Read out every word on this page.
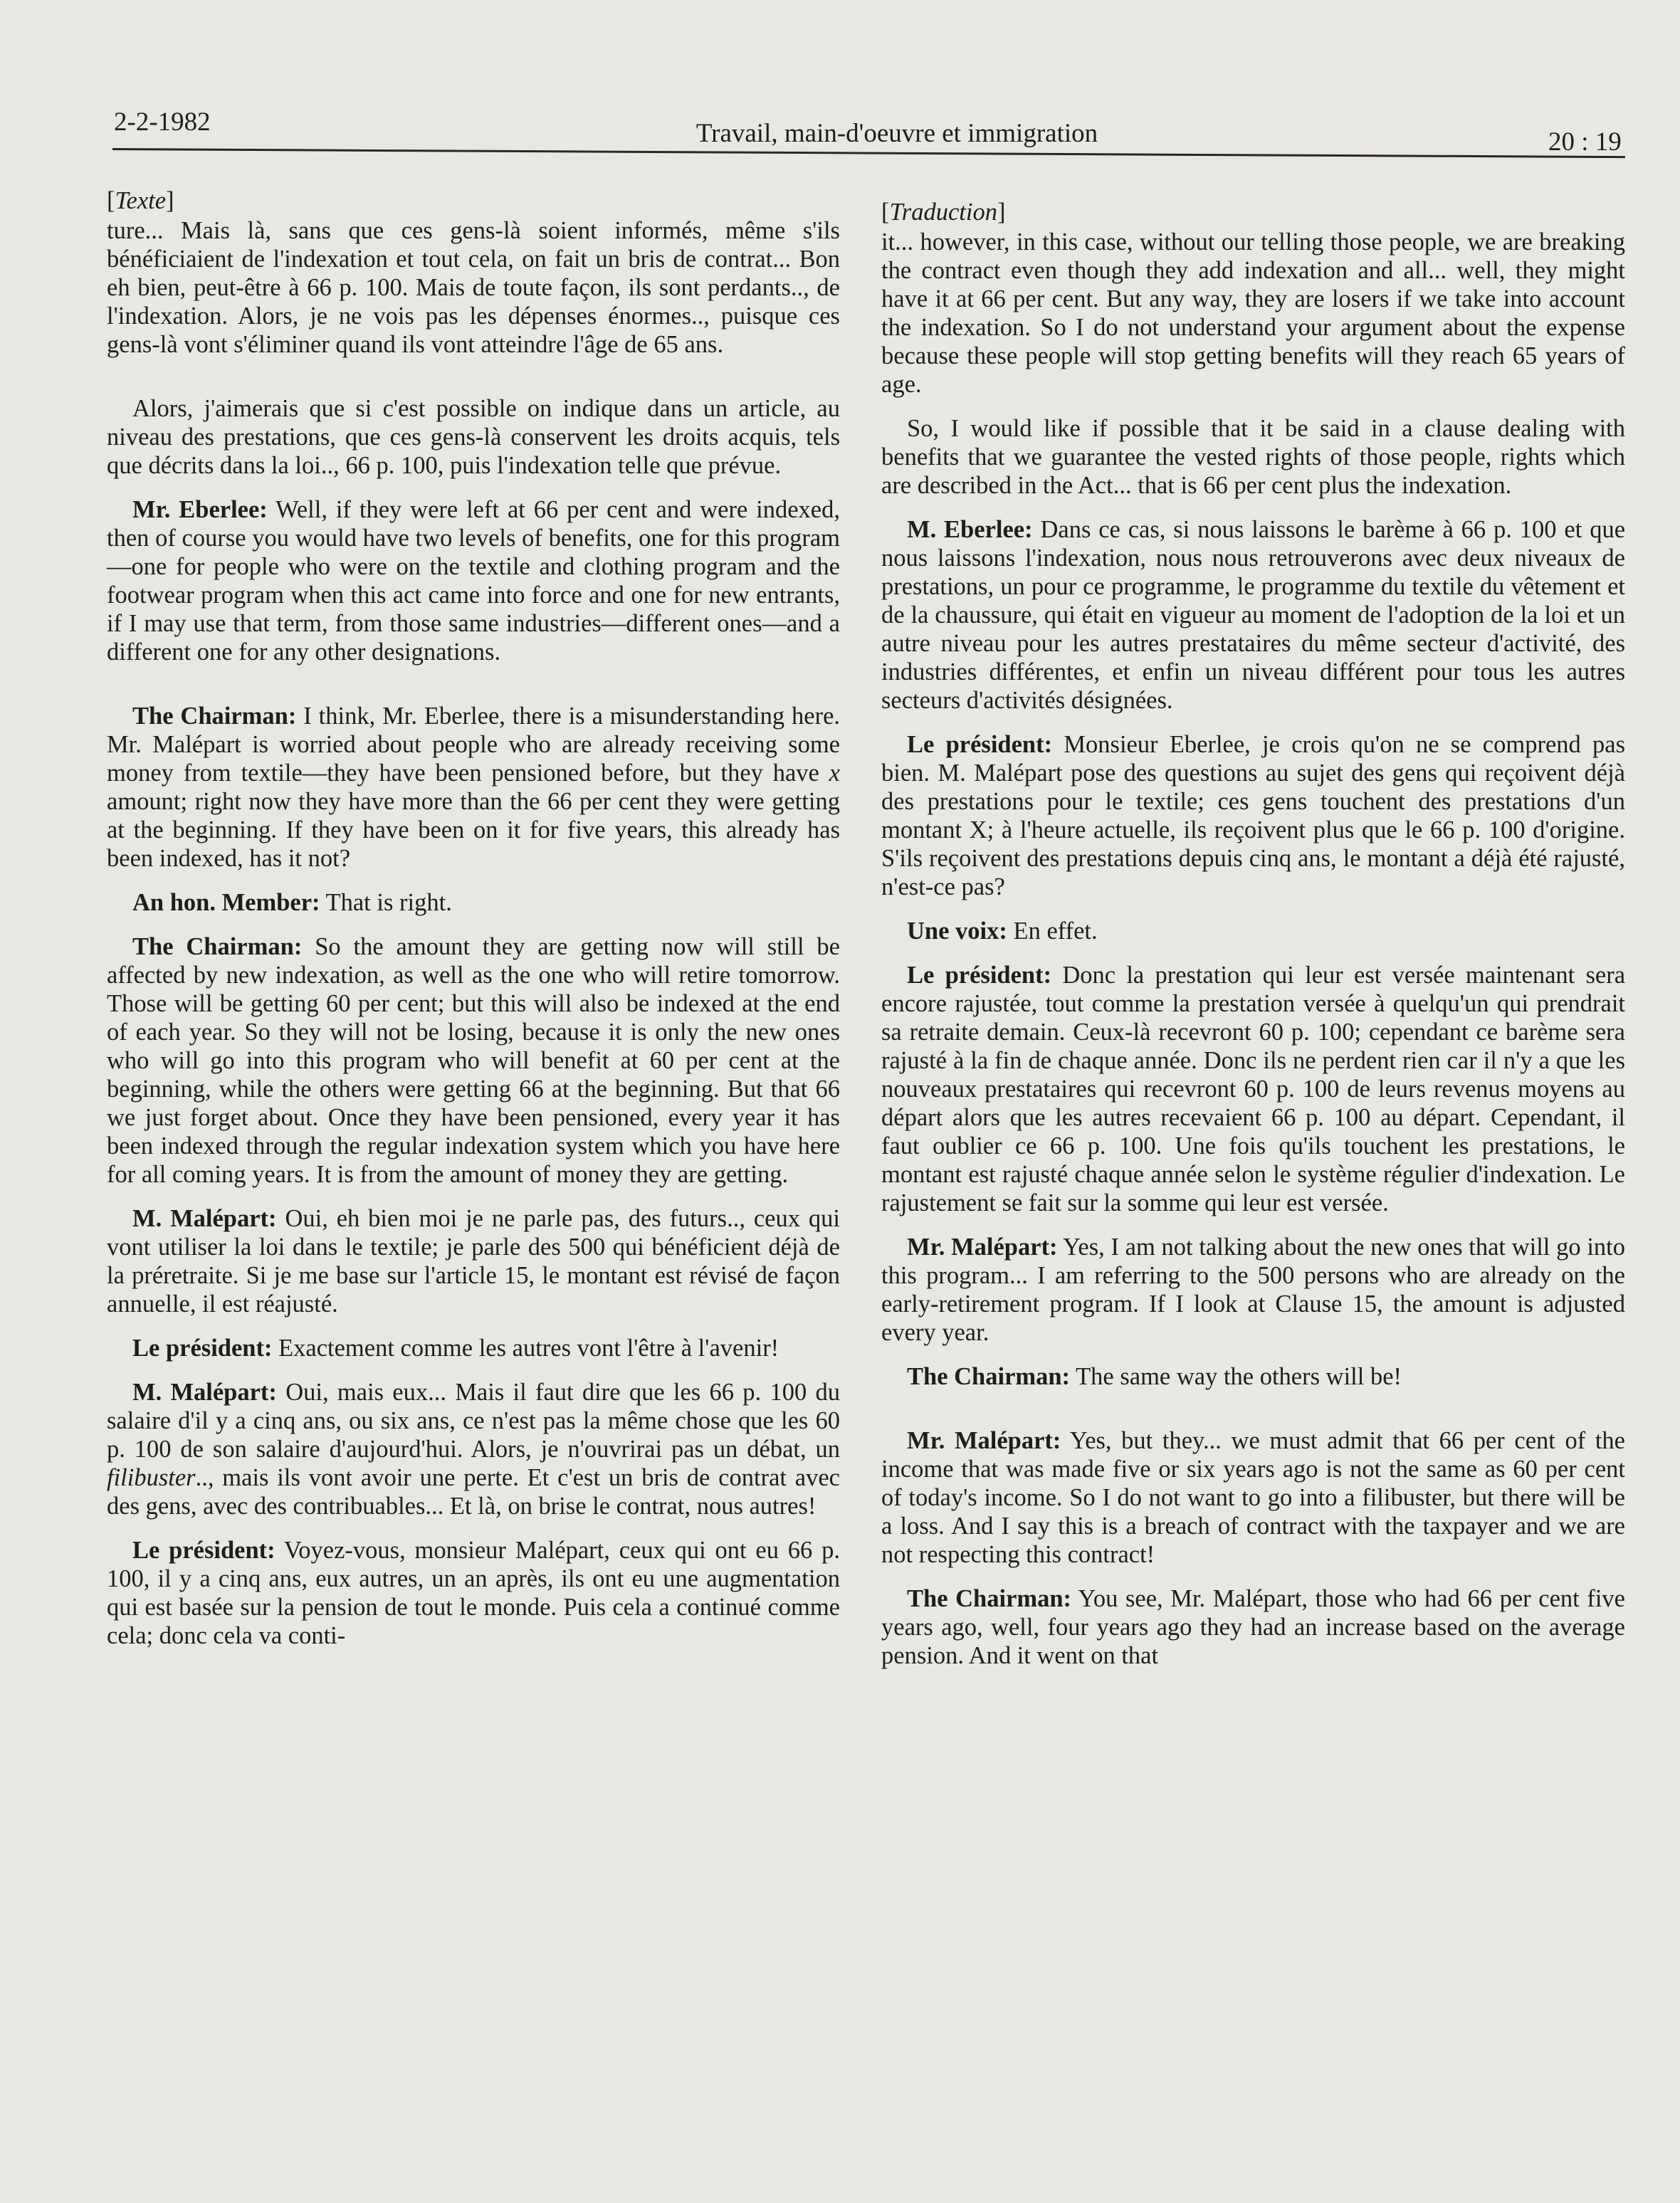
2-2-1982	Travail, main-d'oeuvre et immigration	20 : 19
[ Texte ]

ture... Mais là, sans que ces gens-là soient informés, même s'ils bénéficiaient de l'indexation et tout cela, on fait un bris de contrat... Bon eh bien, peut-être à 66 p. 100. Mais de toute façon, ils sont perdants.., de l'indexation. Alors, je ne vois pas les dépenses énormes.., puisque ces gens-là vont s'éliminer quand ils vont atteindre l'âge de 65 ans.

Alors, j'aimerais que si c'est possible on indique dans un article, au niveau des prestations, que ces gens-là conservent les droits acquis, tels que décrits dans la loi.., 66 p. 100, puis l'indexation telle que prévue.

Mr. Eberlee: Well, if they were left at 66 per cent and were indexed, then of course you would have two levels of benefits, one for this program—one for people who were on the textile and clothing program and the footwear program when this act came into force and one for new entrants, if I may use that term, from those same industries—different ones—and a different one for any other designations.

The Chairman: I think, Mr. Eberlee, there is a misunderstanding here. Mr. Malépart is worried about people who are already receiving some money from textile—they have been pensioned before, but they have x amount; right now they have more than the 66 per cent they were getting at the beginning. If they have been on it for five years, this already has been indexed, has it not?

An hon. Member: That is right.

The Chairman: So the amount they are getting now will still be affected by new indexation, as well as the one who will retire tomorrow. Those will be getting 60 per cent; but this will also be indexed at the end of each year. So they will not be losing, because it is only the new ones who will go into this program who will benefit at 60 per cent at the beginning, while the others were getting 66 at the beginning. But that 66 we just forget about. Once they have been pensioned, every year it has been indexed through the regular indexation system which you have here for all coming years. It is from the amount of money they are getting.

M. Malépart: Oui, eh bien moi je ne parle pas, des futurs.., ceux qui vont utiliser la loi dans le textile; je parle des 500 qui bénéficient déjà de la préretraite. Si je me base sur l'article 15, le montant est révisé de façon annuelle, il est réajusté.

Le président: Exactement comme les autres vont l'être à l'avenir!

M. Malépart: Oui, mais eux... Mais il faut dire que les 66 p. 100 du salaire d'il y a cinq ans, ou six ans, ce n'est pas la même chose que les 60 p. 100 de son salaire d'aujourd'hui. Alors, je n'ouvrirai pas un débat, un filibuster.., mais ils vont avoir une perte. Et c'est un bris de contrat avec des gens, avec des contribuables... Et là, on brise le contrat, nous autres!

Le président: Voyez-vous, monsieur Malépart, ceux qui ont eu 66 p. 100, il y a cinq ans, eux autres, un an après, ils ont eu une augmentation qui est basée sur la pension de tout le monde. Puis cela a continué comme cela; donc cela va conti-

[ Traduction ]

it... however, in this case, without our telling those people, we are breaking the contract even though they add indexation and all... well, they might have it at 66 per cent. But any way, they are losers if we take into account the indexation. So I do not understand your argument about the expense because these people will stop getting benefits will they reach 65 years of age.

So, I would like if possible that it be said in a clause dealing with benefits that we guarantee the vested rights of those people, rights which are described in the Act... that is 66 per cent plus the indexation.

M. Eberlee: Dans ce cas, si nous laissons le barème à 66 p. 100 et que nous laissons l'indexation, nous nous retrouverons avec deux niveaux de prestations, un pour ce programme, le programme du textile du vêtement et de la chaussure, qui était en vigueur au moment de l'adoption de la loi et un autre niveau pour les autres prestataires du même secteur d'activité, des industries différentes, et enfin un niveau différent pour tous les autres secteurs d'activités désignées.

Le président: Monsieur Eberlee, je crois qu'on ne se comprend pas bien. M. Malépart pose des questions au sujet des gens qui reçoivent déjà des prestations pour le textile; ces gens touchent des prestations d'un montant X; à l'heure actuelle, ils reçoivent plus que le 66 p. 100 d'origine. S'ils reçoivent des prestations depuis cinq ans, le montant a déjà été rajusté, n'est-ce pas?

Une voix: En effet.

Le président: Donc la prestation qui leur est versée maintenant sera encore rajustée, tout comme la prestation versée à quelqu'un qui prendrait sa retraite demain. Ceux-là recevront 60 p. 100; cependant ce barème sera rajusté à la fin de chaque année. Donc ils ne perdent rien car il n'y a que les nouveaux prestataires qui recevront 60 p. 100 de leurs revenus moyens au départ alors que les autres recevaient 66 p. 100 au départ. Cependant, il faut oublier ce 66 p. 100. Une fois qu'ils touchent les prestations, le montant est rajusté chaque année selon le système régulier d'indexation. Le rajustement se fait sur la somme qui leur est versée.

Mr. Malépart: Yes, I am not talking about the new ones that will go into this program... I am referring to the 500 persons who are already on the early-retirement program. If I look at Clause 15, the amount is adjusted every year.

The Chairman: The same way the others will be!

Mr. Malépart: Yes, but they... we must admit that 66 per cent of the income that was made five or six years ago is not the same as 60 per cent of today's income. So I do not want to go into a filibuster, but there will be a loss. And I say this is a breach of contract with the taxpayer and we are not respecting this contract!

The Chairman: You see, Mr. Malépart, those who had 66 per cent five years ago, well, four years ago they had an increase based on the average pension. And it went on that
